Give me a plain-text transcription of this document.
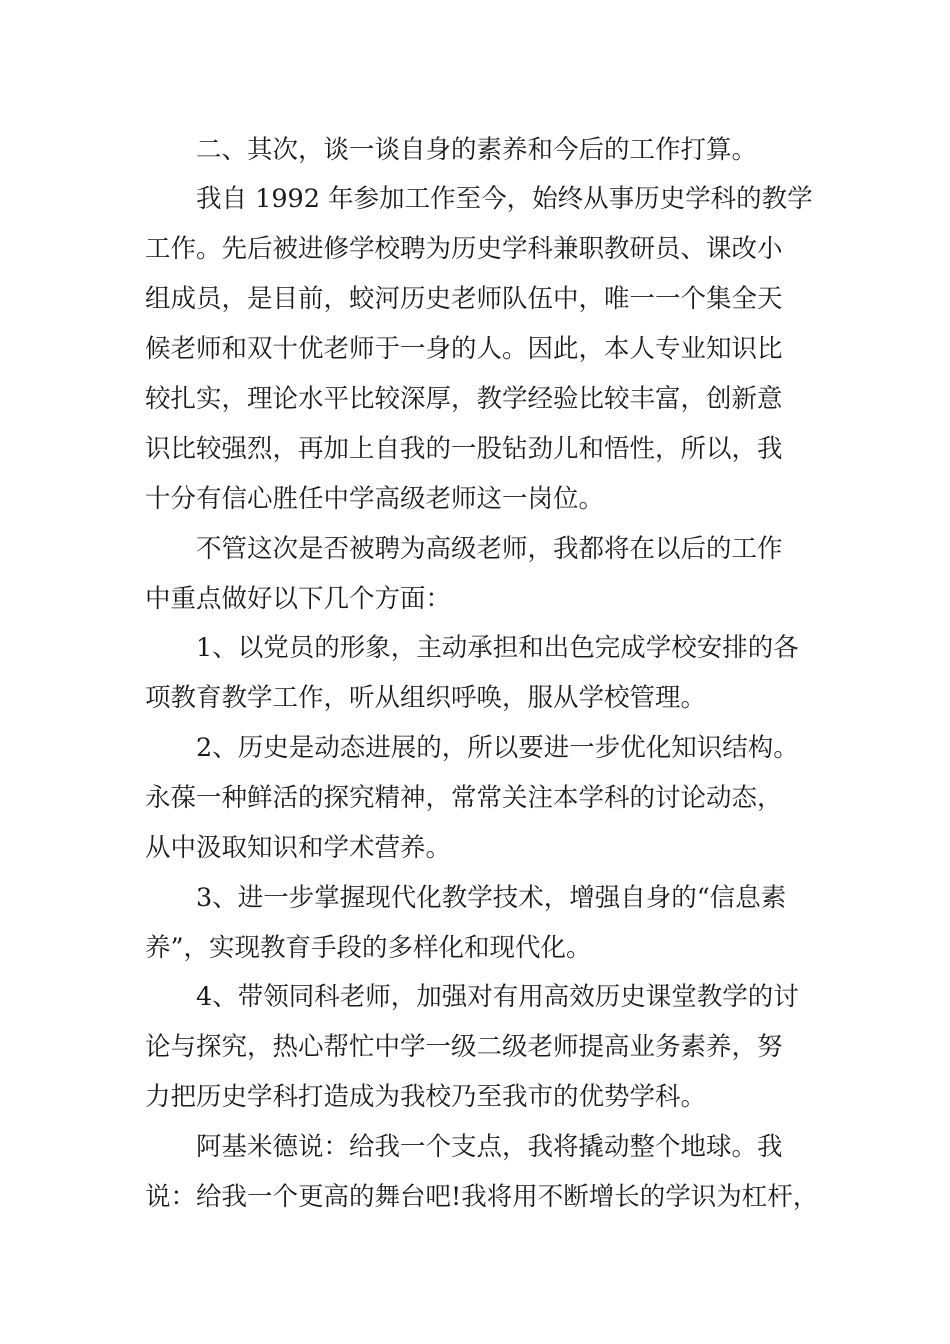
二、其次，谈一谈自身的素养和今后的工作打算。
我自 1992 年参加工作至今，始终从事历史学科的教学
工作。先后被进修学校聘为历史学科兼职教研员、课改小
组成员，是目前，蛟河历史老师队伍中，唯一一个集全天
候老师和双十优老师于一身的人。因此，本人专业知识比
较扎实，理论水平比较深厚，教学经验比较丰富，创新意
识比较强烈，再加上自我的一股钻劲儿和悟性，所以，我
十分有信心胜任中学高级老师这一岗位。
不管这次是否被聘为高级老师，我都将在以后的工作
中重点做好以下几个方面：
1、以党员的形象，主动承担和出色完成学校安排的各
项教育教学工作，听从组织呼唤，服从学校管理。
2、历史是动态进展的，所以要进一步优化知识结构。
永葆一种鲜活的探究精神，常常关注本学科的讨论动态，
从中汲取知识和学术营养。
3、进一步掌握现代化教学技术，增强自身的“信息素
养”，实现教育手段的多样化和现代化。
4、带领同科老师，加强对有用高效历史课堂教学的讨
论与探究，热心帮忙中学一级二级老师提高业务素养，努
力把历史学科打造成为我校乃至我市的优势学科。
阿基米德说：给我一个支点，我将撬动整个地球。我
说：给我一个更高的舞台吧!我将用不断增长的学识为杠杆，
